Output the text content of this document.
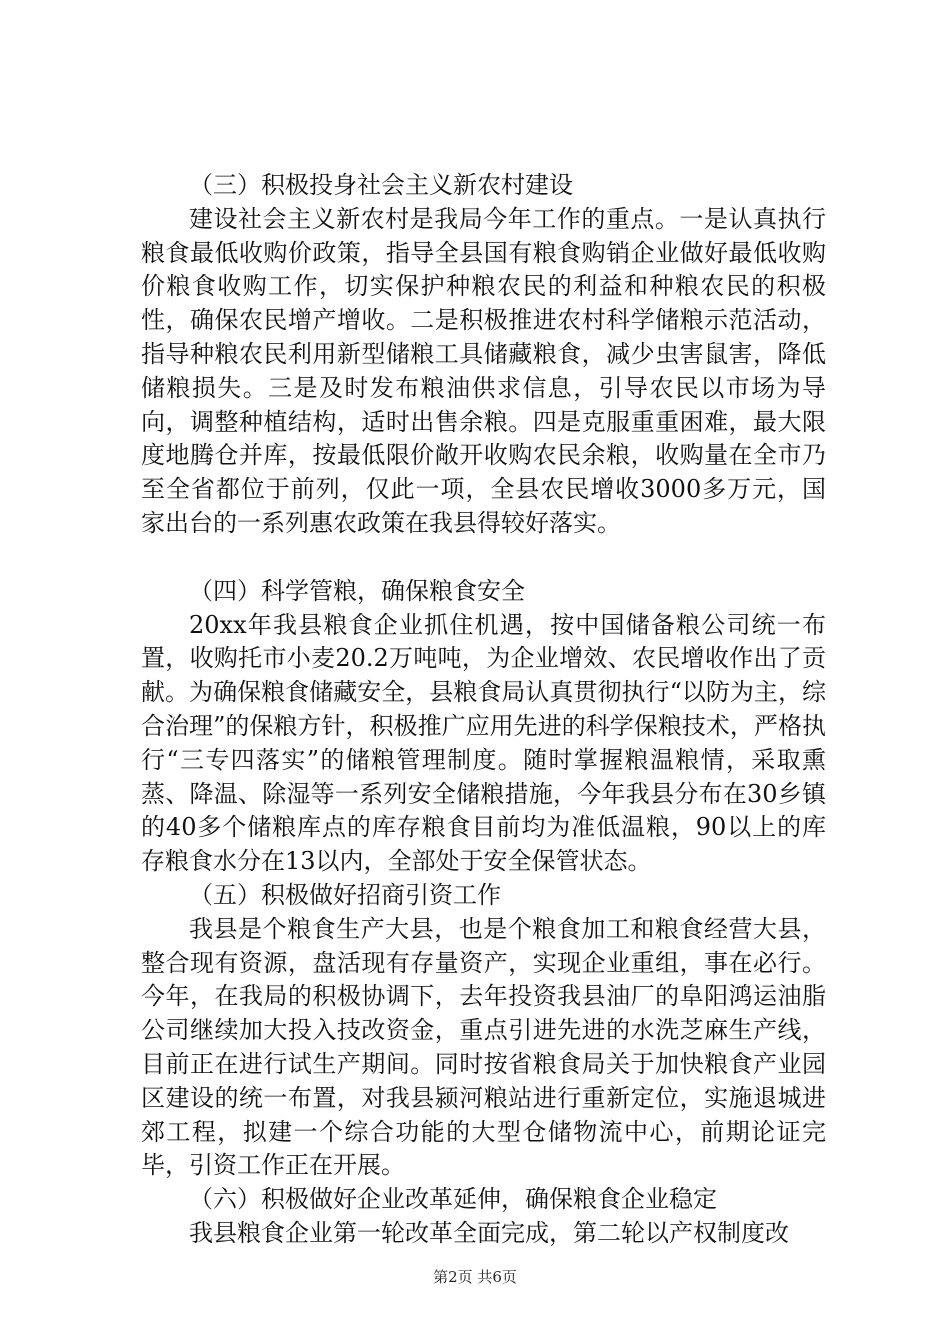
（三）积极投身社会主义新农村建设

建设社会主义新农村是我局今年工作的重点。一是认真执行粮食最低收购价政策，指导全县国有粮食购销企业做好最低收购价粮食收购工作，切实保护种粮农民的利益和种粮农民的积极性，确保农民增产增收。二是积极推进农村科学储粮示范活动，指导种粮农民利用新型储粮工具储藏粮食，减少虫害鼠害，降低储粮损失。三是及时发布粮油供求信息，引导农民以市场为导向，调整种植结构，适时出售余粮。四是克服重重困难，最大限度地腾仓并库，按最低限价敞开收购农民余粮，收购量在全市乃至全省都位于前列，仅此一项，全县农民增收3000多万元，国家出台的一系列惠农政策在我县得较好落实。

（四）科学管粮，确保粮食安全

20xx年我县粮食企业抓住机遇，按中国储备粮公司统一布置，收购托市小麦20.2万吨吨，为企业增效、农民增收作出了贡献。为确保粮食储藏安全，县粮食局认真贯彻执行“以防为主，综合治理”的保粮方针，积极推广应用先进的科学保粮技术，严格执行“三专四落实”的储粮管理制度。随时掌握粮温粮情，采取熏蒸、降温、除湿等一系列安全储粮措施，今年我县分布在30乡镇的40多个储粮库点的库存粮食目前均为准低温粮，90以上的库存粮食水分在13以内，全部处于安全保管状态。

（五）积极做好招商引资工作

我县是个粮食生产大县，也是个粮食加工和粮食经营大县，整合现有资源，盘活现有存量资产，实现企业重组，事在必行。今年，在我局的积极协调下，去年投资我县油厂的阜阳鸿运油脂公司继续加大投入技改资金，重点引进先进的水洗芝麻生产线，目前正在进行试生产期间。同时按省粮食局关于加快粮食产业园区建设的统一布置，对我县颍河粮站进行重新定位，实施退城进郊工程，拟建一个综合功能的大型仓储物流中心，前期论证完毕，引资工作正在开展。

（六）积极做好企业改革延伸，确保粮食企业稳定

我县粮食企业第一轮改革全面完成，第二轮以产权制度改

第2页 共6页
